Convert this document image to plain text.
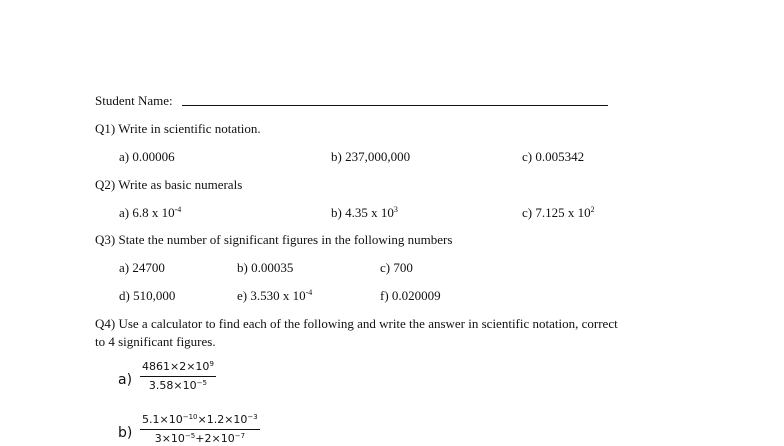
Student Name:
Q1) Write in scientific notation.
a) 0.00006	b) 237,000,000	c) 0.005342
Q2) Write as basic numerals
a) 6.8 x $10^{-4}$	b) 4.35 x $10^3$	c) 7.125 x $10^2$
Q3) State the number of significant figures in the following numbers
a) 24700	b) 0.00035	c) 700
d) 510,000	e) 3.530 x $10^{-4}$	f) 0.020009
Q4) Use a calculator to find each of the following and write the answer in scientific notation, correct
to 4 significant figures.
a)
$4861\times 2\times 10^9$
$3.58\times 10^{-5}$
b)
$5.1\times 10^{-10}\times 1.2\times 10^{-3}$
$3\times 10^{-5}+2\times 10^{-7}$
